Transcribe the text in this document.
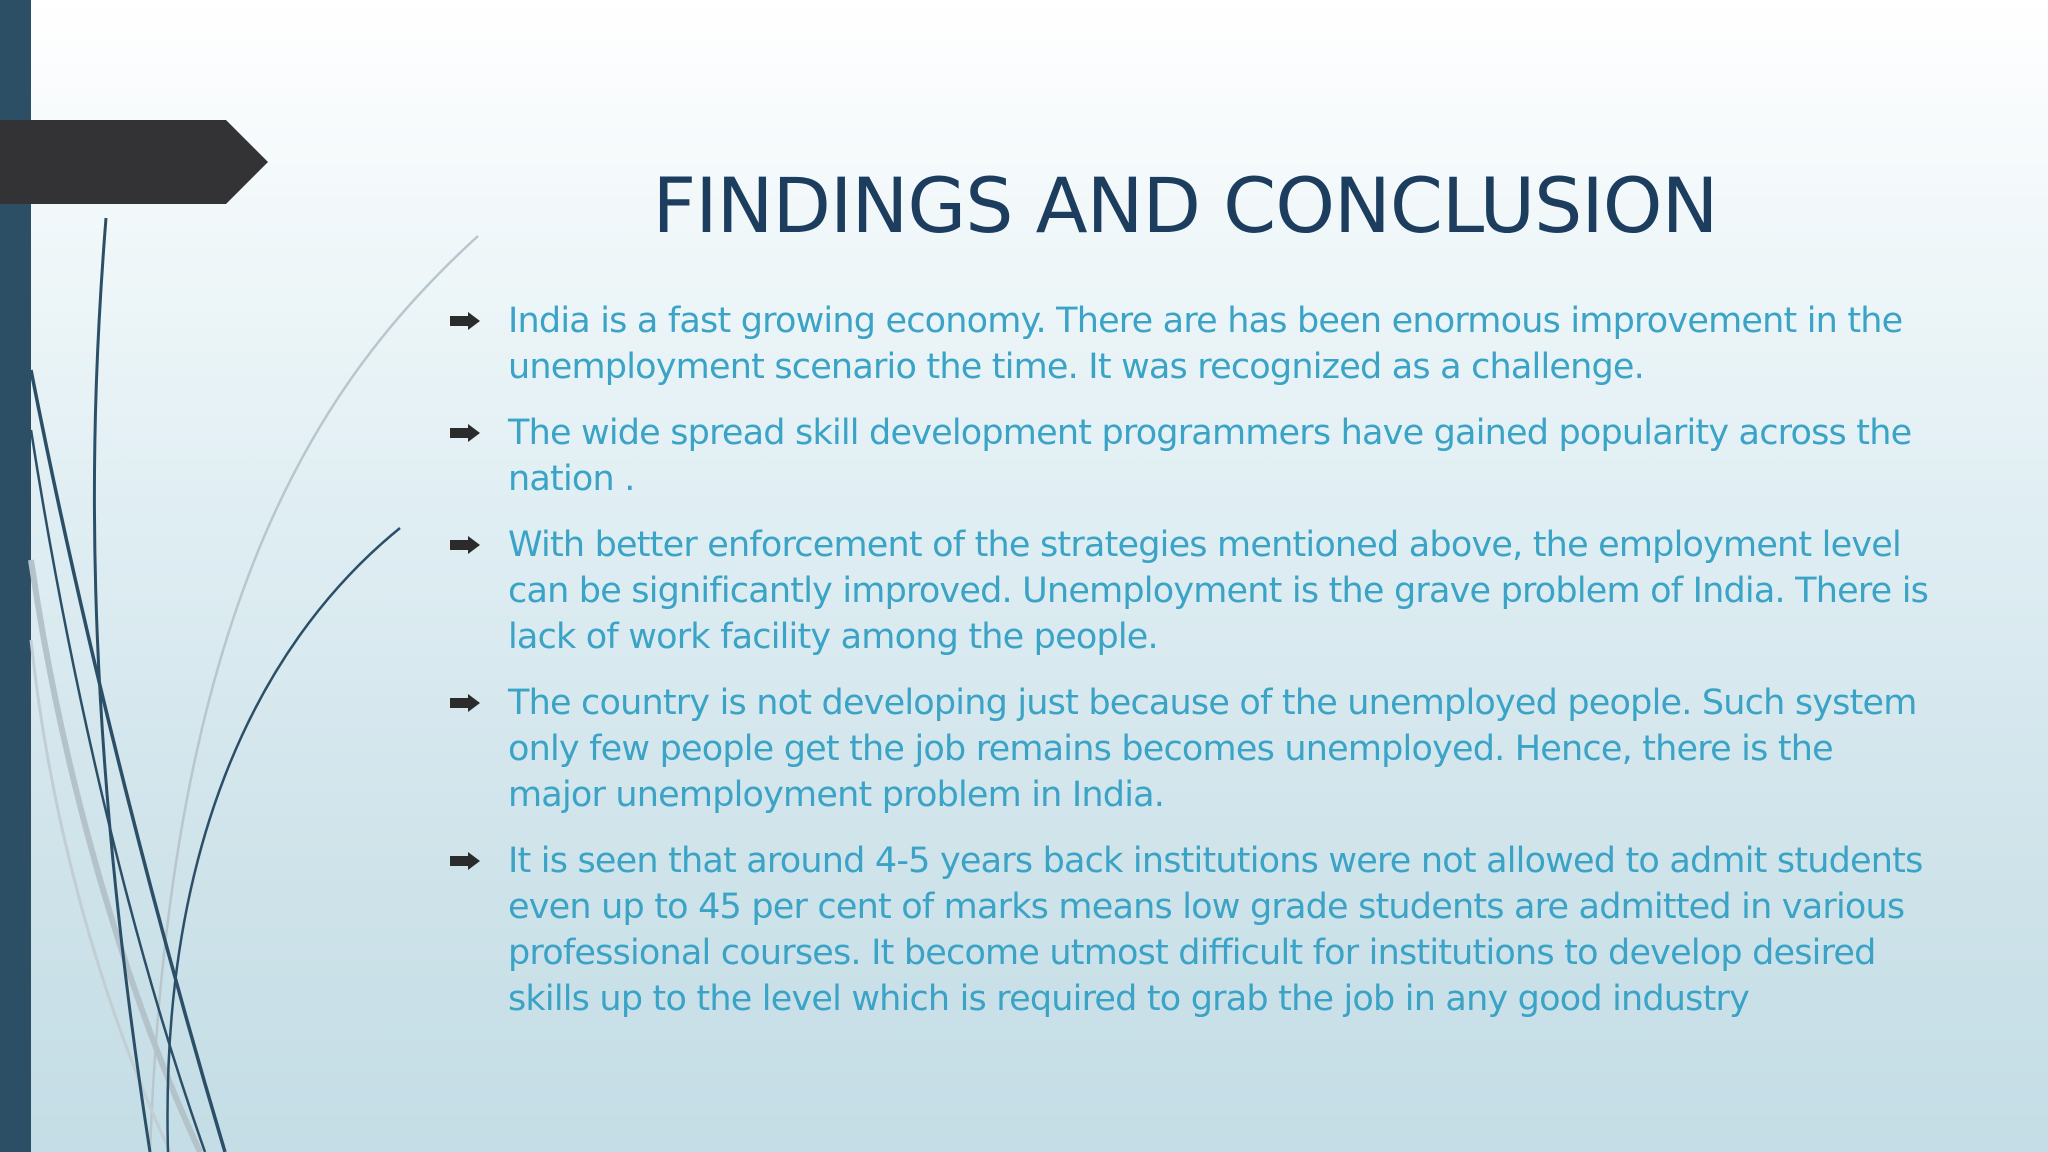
FINDINGS AND CONCLUSION
India is a fast growing economy. There are has been enormous improvement in the unemployment scenario the time. It was recognized as a challenge.
The wide spread skill development programmers have gained popularity across the nation .
With better enforcement of the strategies mentioned above, the employment level can be significantly improved. Unemployment is the grave problem of India. There is lack of work facility among the people.
The country is not developing just because of the unemployed people. Such system only few people get the job remains becomes unemployed. Hence, there is the major unemployment problem in India.
It is seen that around 4-5 years back institutions were not allowed to admit students even up to 45 per cent of marks means low grade students are admitted in various professional courses. It become utmost difficult for institutions to develop desired skills up to the level which is required to grab the job in any good industry
